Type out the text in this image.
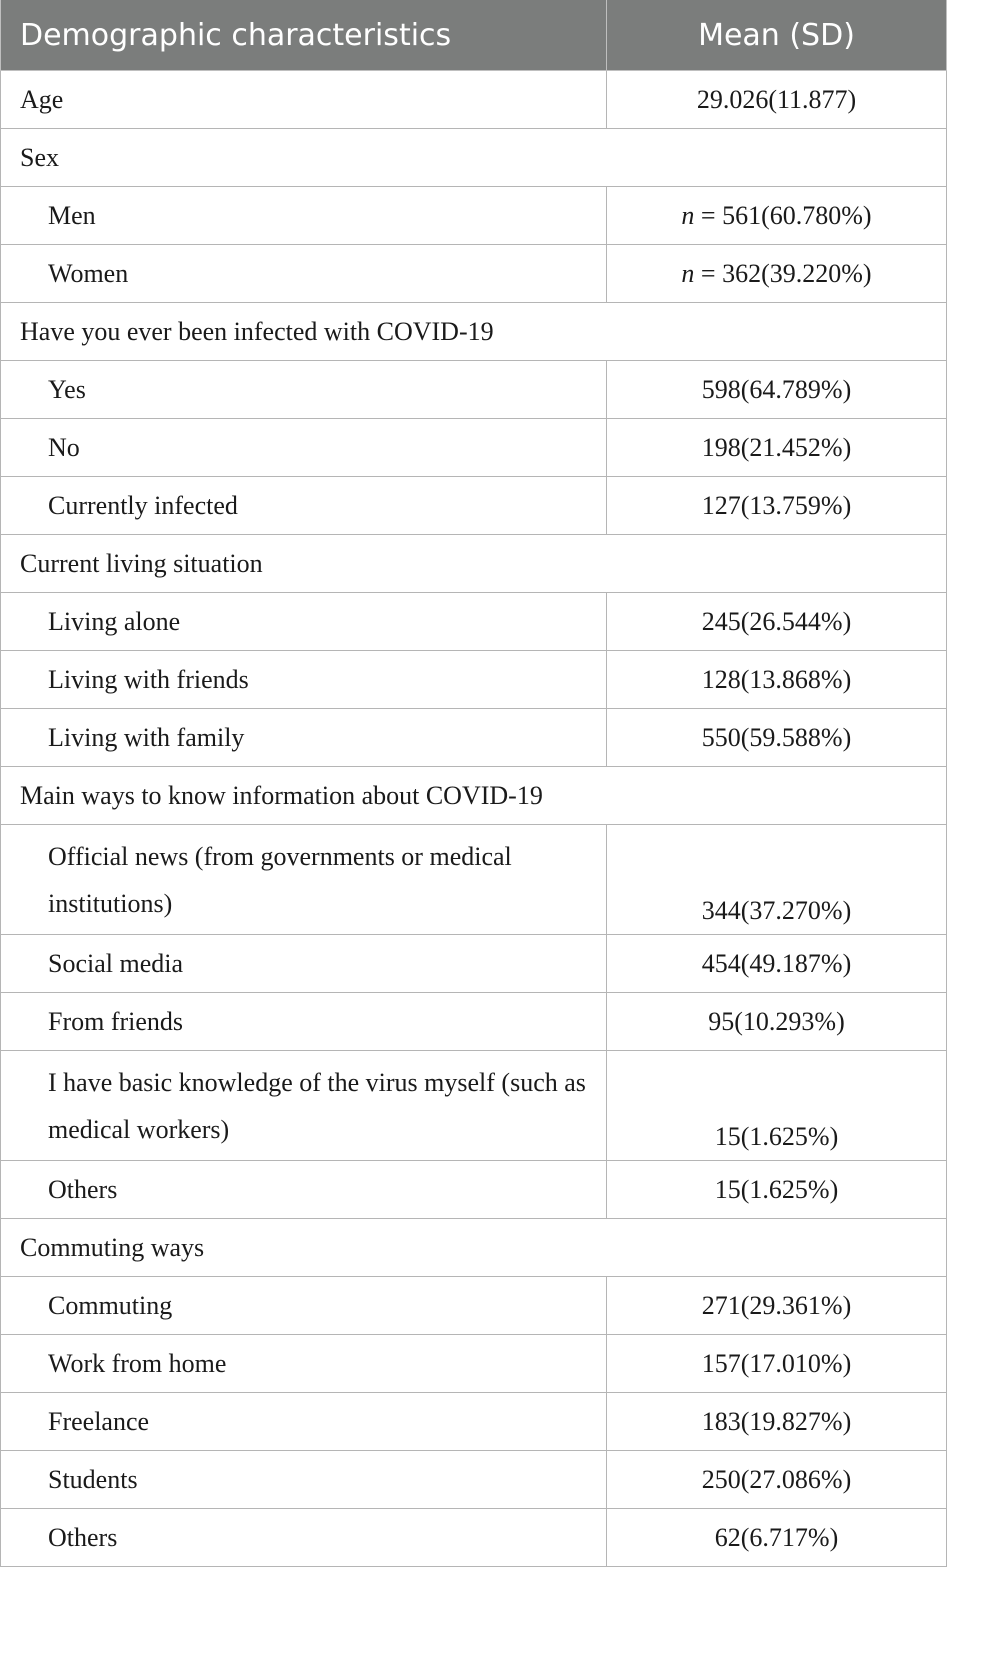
Demographic characteristics	Mean (SD)
Age	29.026(11.877)
Sex	
Men	n = 561(60.780%)
Women	n = 362(39.220%)
Have you ever been infected with COVID-19	
Yes	598(64.789%)
No	198(21.452%)
Currently infected	127(13.759%)
Current living situation	
Living alone	245(26.544%)
Living with friends	128(13.868%)
Living with family	550(59.588%)
Main ways to know information about COVID-19	
Official news (from governments or medical institutions)	344(37.270%)
Social media	454(49.187%)
From friends	95(10.293%)
I have basic knowledge of the virus myself (such as medical workers)	15(1.625%)
Others	15(1.625%)
Commuting ways	
Commuting	271(29.361%)
Work from home	157(17.010%)
Freelance	183(19.827%)
Students	250(27.086%)
Others	62(6.717%)
